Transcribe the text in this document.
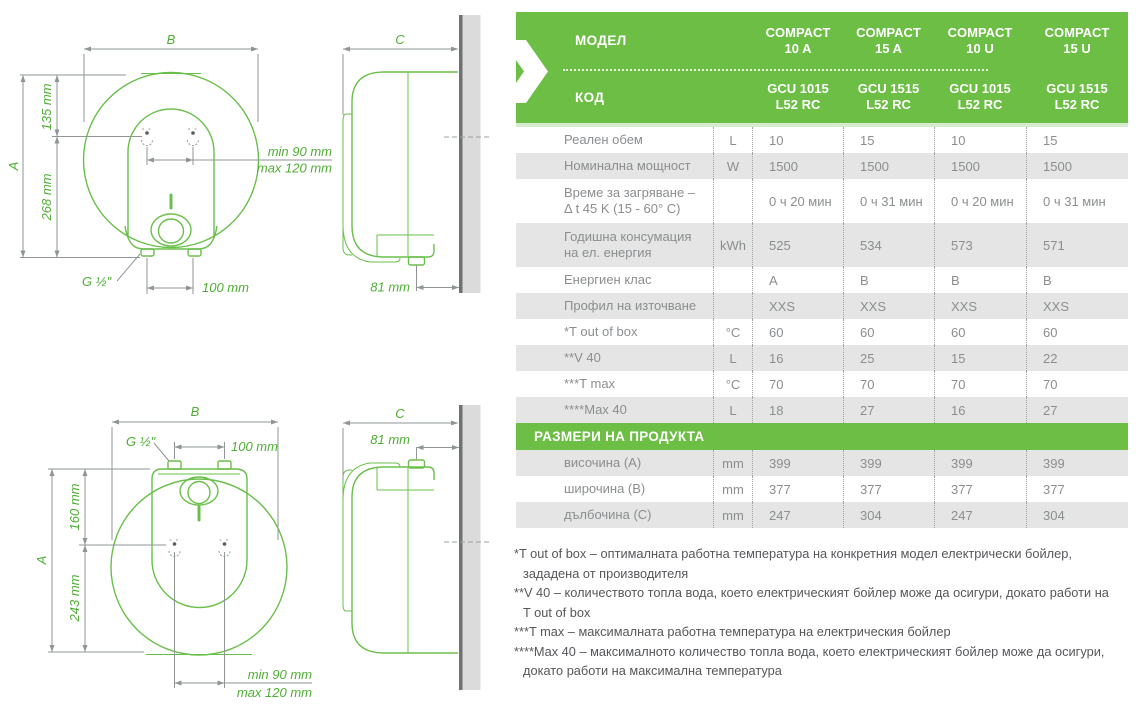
B
A
135 mm
268 mm
min 90 mm
max 120 mm
G ½"	100 mm
C
81 mm
B
G ½"	100 mm
A
160 mm
243 mm
min 90 mm
max 120 mm
C
81 mm
МОДЕЛ
COMPACT
10 A
COMPACT
15 A
COMPACT
10 U
COMPACT
15 U
КОД
GCU 1015
L52 RC
GCU 1515
L52 RC
GCU 1015
L52 RC
GCU 1515
L52 RC
Реален обем	L	10	15	10	15
Номинална мощност	W	1500	1500	1500	1500
Време за загряване –
Δ t 45 K (15 - 60° C)	0 ч 20 мин	0 ч 31 мин	0 ч 20 мин	0 ч 31 мин
Годишна консумация
на ел. енергия	kWh	525	534	573	571
Енергиен клас	A	B	B	B
Профил на източване	XXS	XXS	XXS	XXS
*T out of box	°C	60	60	60	60
**V 40	L	16	25	15	22
***T max	°C	70	70	70	70
****Max 40	L	18	27	16	27
РАЗМЕРИ НА ПРОДУКТА
височина (A)	mm	399	399	399	399
широчина (B)	mm	377	377	377	377
дълбочина (C)	mm	247	304	247	304
*T out of box – оптималната работна температура на конкретния модел електрически бойлер, зададена от производителя
**V 40 – количеството топла вода, което електрическият бойлер може да осигури, докато работи на T out of box
***T max – максималната работна температура на електрическия бойлер
****Max 40 – максималното количество топла вода, което електрическият бойлер може да осигури, докато работи на максимална температура
